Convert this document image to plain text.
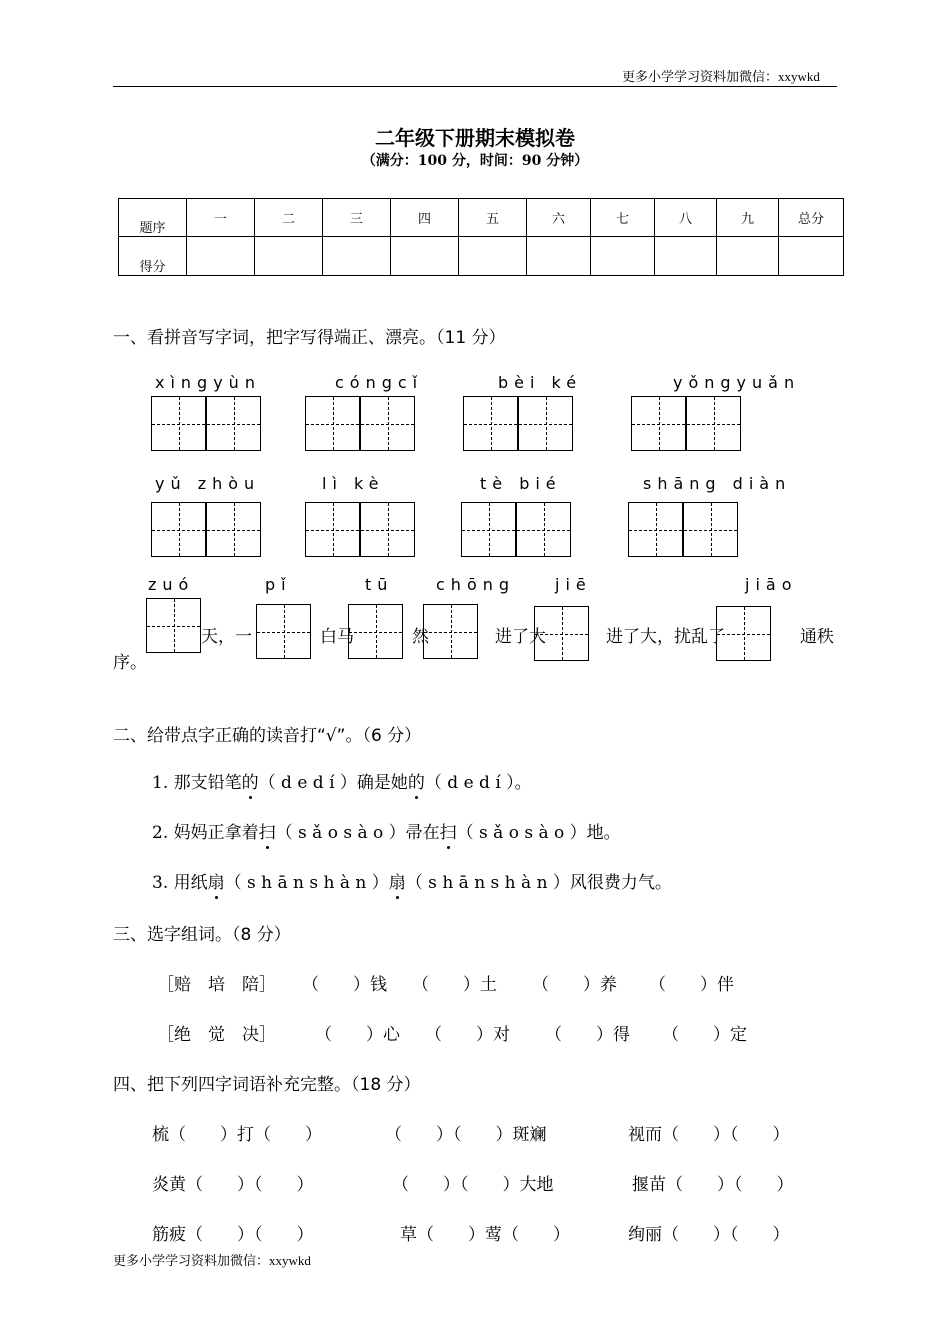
更多小学学习资料加微信：xxywkd
二年级下册期末模拟卷
（满分：100 分，时间：90 分钟）
题序	一	二	三	四	五	六	七	八	九	总分
得分										
一、看拼音写字词，把字写得端正、漂亮。（11 分）
xìngyùn	cóngcǐ	bèi ké	yǒngyuǎn
yǔ zhòu	lì kè	tè bié	shāng diàn
zuó	pǐ	tū	chōng jiē	jiāo
天，一	白马	然	进了大	进了大，扰乱了	通秩
序。
二、给带点字正确的读音打“√”。（6 分）
1. 那支铅笔的（ d e d í ）确是她的（ d e d í ）。
2. 妈妈正拿着扫（ s ǎ o s à o ）帚在扫（ s ǎ o s à o ）地。
3. 用纸扇（ s h ā n s h à n ）扇（ s h ā n s h à n ）风很费力气。
三、选字组词。（8 分）
［赔　培　陪］ （　　）钱 （　　）土 （　　）养 （　　）伴
［绝　觉　决］ （　　）心 （　　）对 （　　）得 （　　）定
四、把下列四字词语补充完整。（18 分）
梳（　　）打（　　）	（　　）（　　）斑斓	视而（　　）（　　）
炎黄（　　）（　　）	（　　）（　　）大地	揠苗（　　）（　　）
筋疲（　　）（　　）	草（　　）莺（　　）	绚丽（　　）（　　）
更多小学学习资料加微信：xxywkd
